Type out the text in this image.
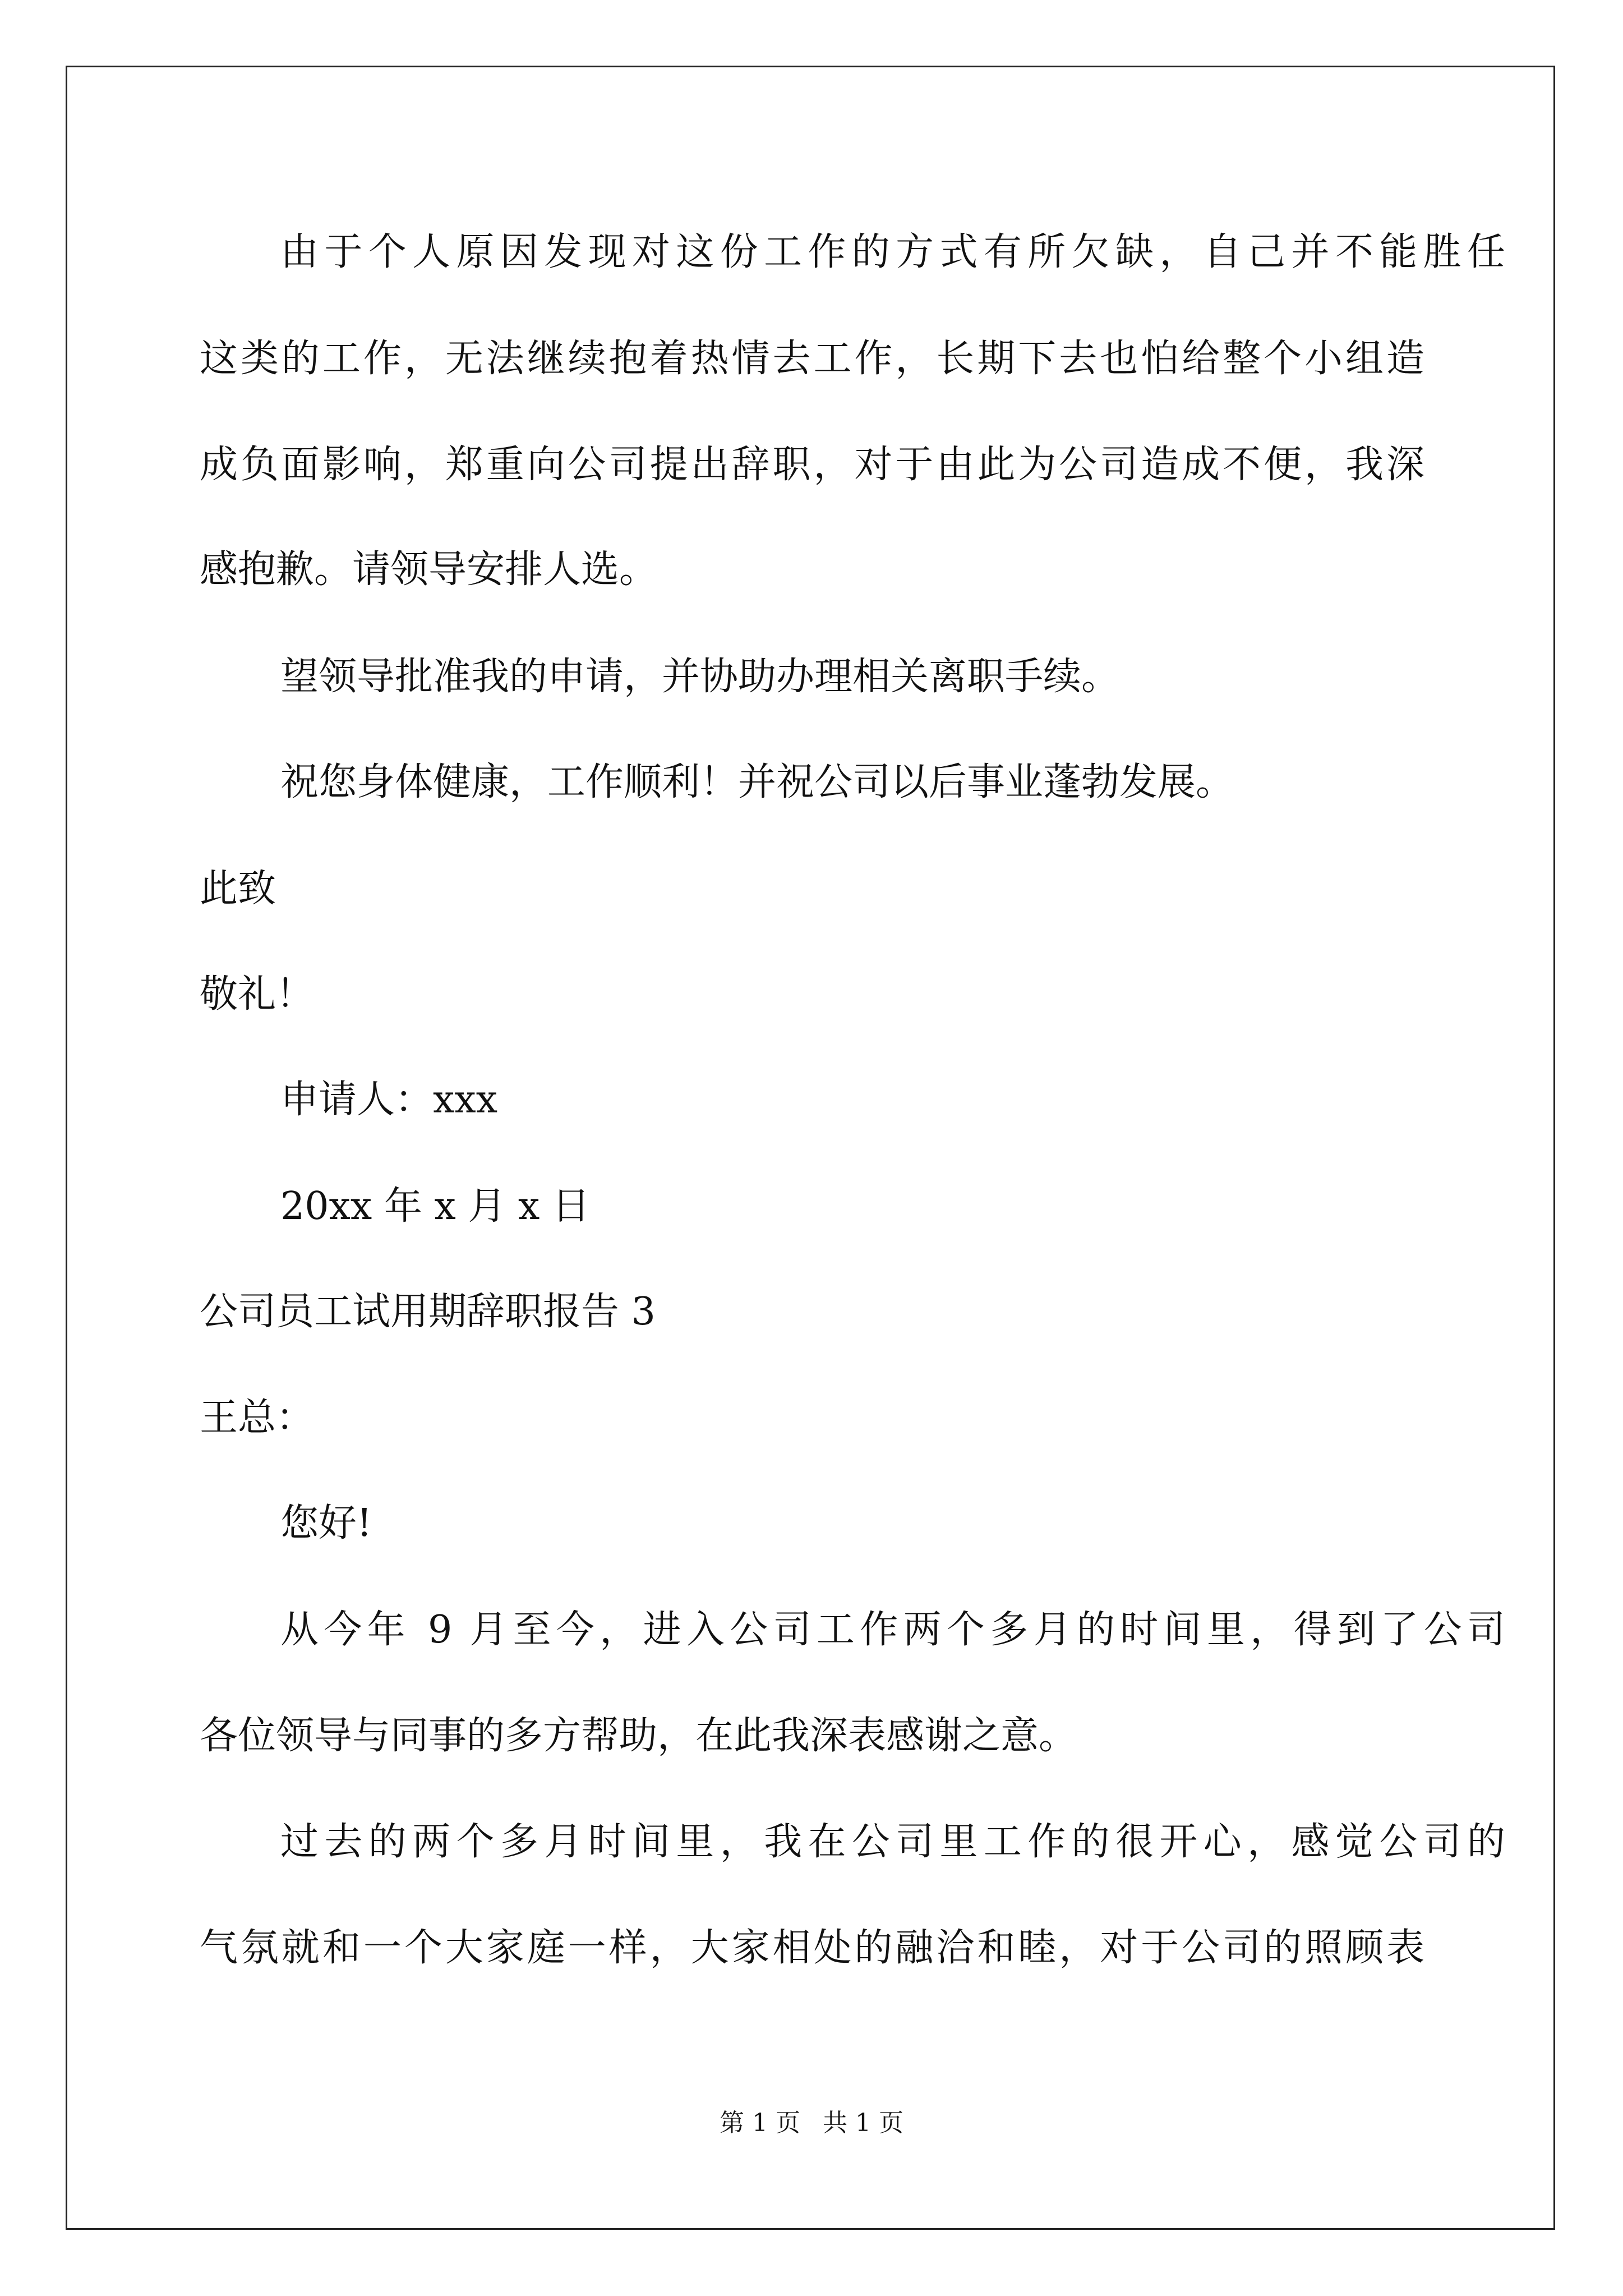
由于个人原因发现对这份工作的方式有所欠缺，自己并不能胜任
这类的工作，无法继续抱着热情去工作，长期下去也怕给整个小组造
成负面影响，郑重向公司提出辞职，对于由此为公司造成不便，我深
感抱歉。请领导安排人选。
望领导批准我的申请，并协助办理相关离职手续。
祝您身体健康，工作顺利！并祝公司以后事业蓬勃发展。
此致
敬礼！
申请人：xxx
20xx 年 x 月 x 日
公司员工试用期辞职报告 3
王总：
您好!
从今年 9 月至今，进入公司工作两个多月的时间里，得到了公司
各位领导与同事的多方帮助，在此我深表感谢之意。
过去的两个多月时间里，我在公司里工作的很开心，感觉公司的
气氛就和一个大家庭一样，大家相处的融洽和睦，对于公司的照顾表
第 1 页 共 1 页
